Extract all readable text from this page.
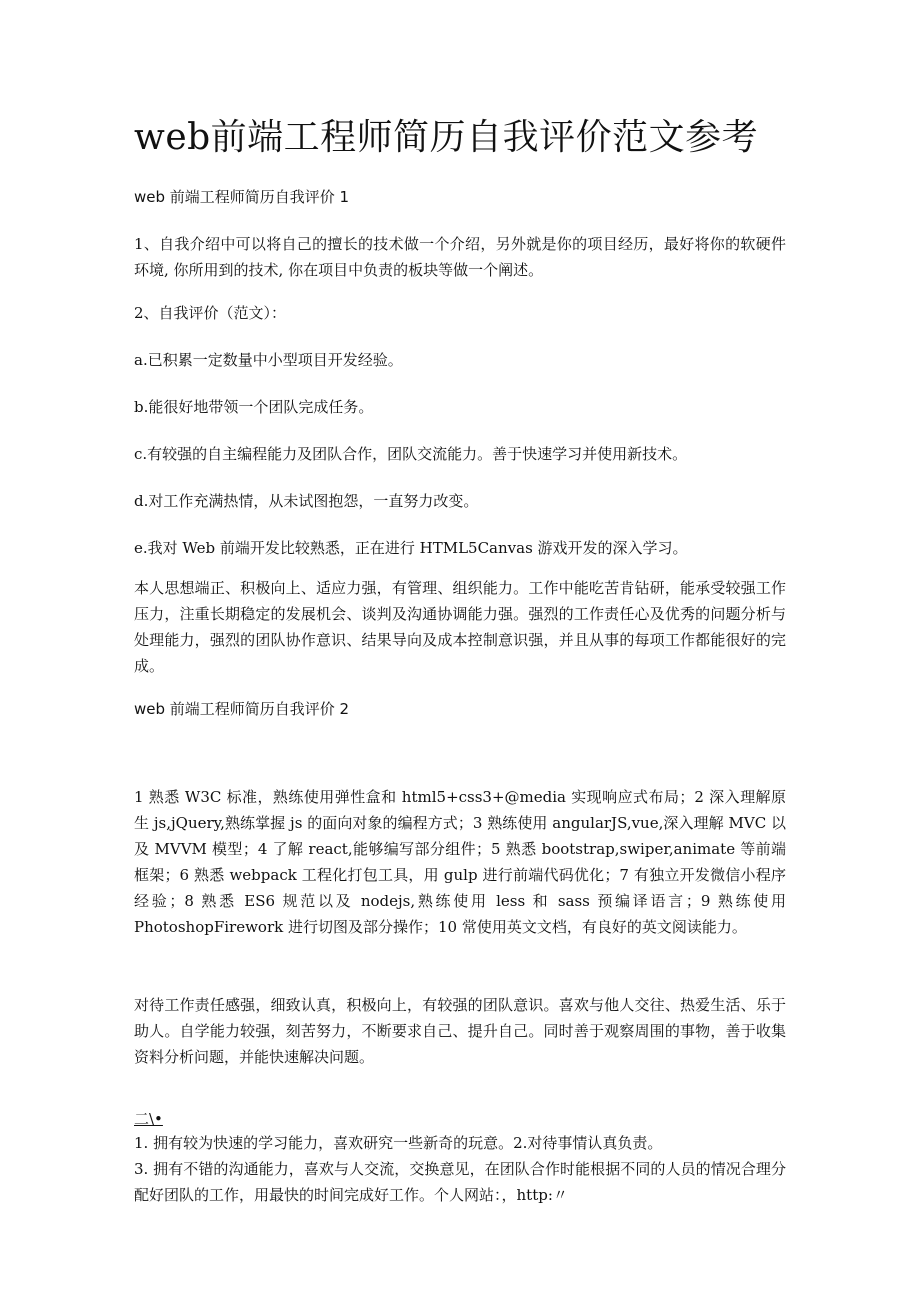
web前端工程师简历自我评价范文参考

web 前端工程师简历自我评价 1

1、自我介绍中可以将自己的擅长的技术做一个介绍，另外就是你的项目经历，最好将你的软硬件环境, 你所用到的技术, 你在项目中负责的板块等做一个阐述。

2、自我评价（范文）：

a.已积累一定数量中小型项目开发经验。

b.能很好地带领一个团队完成任务。

c.有较强的自主编程能力及团队合作，团队交流能力。善于快速学习并使用新技术。

d.对工作充满热情，从未试图抱怨，一直努力改变。

e.我对 Web 前端开发比较熟悉，正在进行 HTML5Canvas 游戏开发的深入学习。

本人思想端正、积极向上、适应力强，有管理、组织能力。工作中能吃苦肯钻研，能承受较强工作压力，注重长期稳定的发展机会、谈判及沟通协调能力强。强烈的工作责任心及优秀的问题分析与处理能力，强烈的团队协作意识、结果导向及成本控制意识强，并且从事的每项工作都能很好的完成。

web 前端工程师简历自我评价 2

1 熟悉 W3C 标准，熟练使用弹性盒和 html5+css3+@media 实现响应式布局；2 深入理解原生 js,jQuery,熟练掌握 js 的面向对象的编程方式；3 熟练使用 angularJS,vue,深入理解 MVC 以及 MVVM 模型；4 了解 react,能够编写部分组件；5 熟悉 bootstrap,swiper,animate 等前端框架；6 熟悉 webpack 工程化打包工具，用 gulp 进行前端代码优化；7 有独立开发微信小程序经验；8 熟悉 ES6 规范以及 nodejs,熟练使用 less 和 sass 预编译语言；9 熟练使用 PhotoshopFirework 进行切图及部分操作；10 常使用英文文档，有良好的英文阅读能力。

对待工作责任感强，细致认真，积极向上，有较强的团队意识。喜欢与他人交往、热爱生活、乐于助人。自学能力较强，刻苦努力，不断要求自己、提升自己。同时善于观察周围的事物，善于收集资料分析问题，并能快速解决问题。

二\•

1. 拥有较为快速的学习能力，喜欢研究一些新奇的玩意。2.对待事情认真负责。

3. 拥有不错的沟通能力，喜欢与人交流，交换意见，在团队合作时能根据不同的人员的情况合理分配好团队的工作，用最快的时间完成好工作。个人网站：，http:〃
